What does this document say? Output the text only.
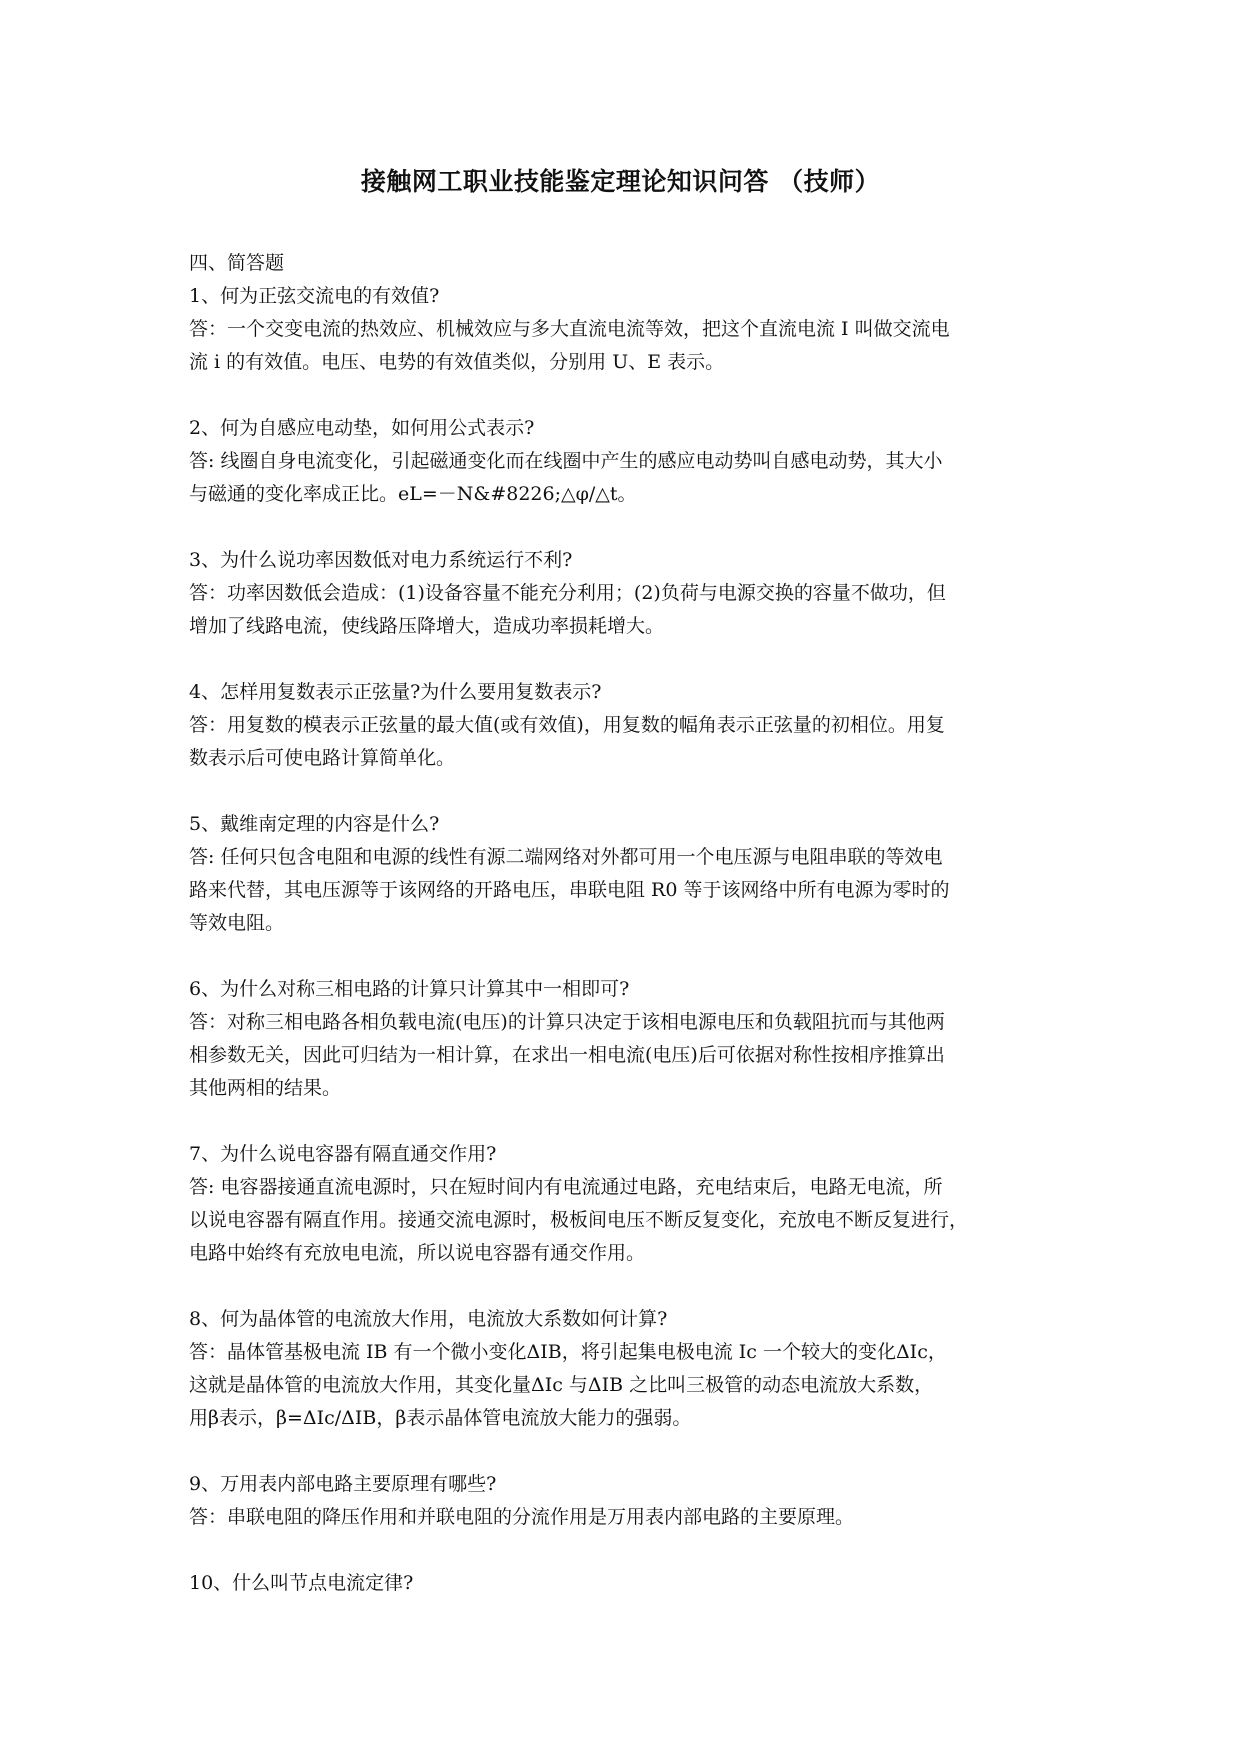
接触网工职业技能鉴定理论知识问答 （技师）

四、简答题

1、何为正弦交流电的有效值?

答：一个交变电流的热效应、机械效应与多大直流电流等效，把这个直流电流 I 叫做交流电
流 i 的有效值。电压、电势的有效值类似，分别用 U、E 表示。

2、何为自感应电动垫，如何用公式表示?

答: 线圈自身电流变化，引起磁通变化而在线圈中产生的感应电动势叫自感电动势，其大小
与磁通的变化率成正比。eL=－N&#8226;△φ/△t。

3、为什么说功率因数低对电力系统运行不利?

答：功率因数低会造成：(1)设备容量不能充分利用；(2)负荷与电源交换的容量不做功，但
增加了线路电流，使线路压降增大，造成功率损耗增大。

4、怎样用复数表示正弦量?为什么要用复数表示?

答：用复数的模表示正弦量的最大值(或有效值)，用复数的幅角表示正弦量的初相位。用复
数表示后可使电路计算简单化。

5、戴维南定理的内容是什么?

答: 任何只包含电阻和电源的线性有源二端网络对外都可用一个电压源与电阻串联的等效电
路来代替，其电压源等于该网络的开路电压，串联电阻 R0 等于该网络中所有电源为零时的
等效电阻。

6、为什么对称三相电路的计算只计算其中一相即可?

答：对称三相电路各相负载电流(电压)的计算只决定于该相电源电压和负载阻抗而与其他两
相参数无关，因此可归结为一相计算，在求出一相电流(电压)后可依据对称性按相序推算出
其他两相的结果。

7、为什么说电容器有隔直通交作用?

答: 电容器接通直流电源时，只在短时间内有电流通过电路，充电结束后，电路无电流，所
以说电容器有隔直作用。接通交流电源时，极板间电压不断反复变化，充放电不断反复进行，
电路中始终有充放电电流，所以说电容器有通交作用。

8、何为晶体管的电流放大作用，电流放大系数如何计算?

答：晶体管基极电流 IB 有一个微小变化ΔIB，将引起集电极电流 Ic 一个较大的变化ΔIc，
这就是晶体管的电流放大作用，其变化量ΔIc 与ΔIB 之比叫三极管的动态电流放大系数，
用β表示，β=ΔIc/ΔIB，β表示晶体管电流放大能力的强弱。

9、万用表内部电路主要原理有哪些?

答：串联电阻的降压作用和并联电阻的分流作用是万用表内部电路的主要原理。

10、什么叫节点电流定律?
